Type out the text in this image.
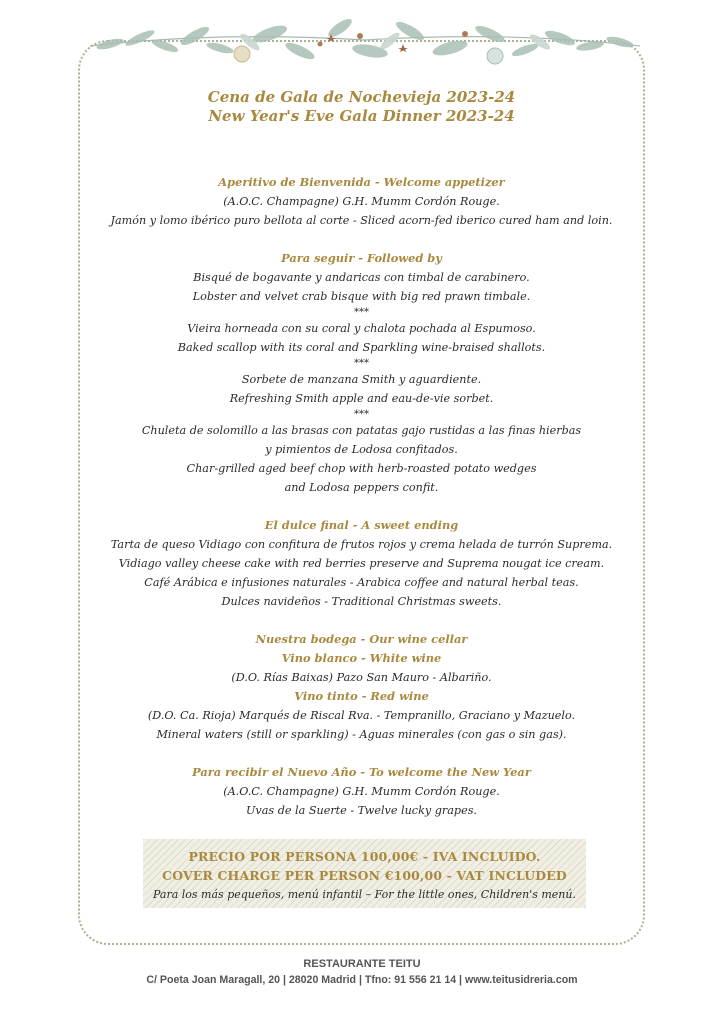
Cena de Gala de Nochevieja 2023-24
New Year's Eve Gala Dinner 2023-24
Aperitivo de Bienvenida - Welcome appetizer
(A.O.C. Champagne) G.H. Mumm Cordón Rouge.
Jamón y lomo ibérico puro bellota al corte - Sliced acorn-fed iberico cured ham and loin.
Para seguir - Followed by
Bisqué de bogavante y andaricas con timbal de carabinero.
Lobster and velvet crab bisque with big red prawn timbale.
***
Vieira horneada con su coral y chalota pochada al Espumoso.
Baked scallop with its coral and Sparkling wine-braised shallots.
***
Sorbete de manzana Smith y aguardiente.
Refreshing Smith apple and eau-de-vie sorbet.
***
Chuleta de solomillo a las brasas con patatas gajo rustidas a las finas hierbas
y pimientos de Lodosa confitados.
Char-grilled aged beef chop with herb-roasted potato wedges
and Lodosa peppers confit.
El dulce final - A sweet ending
Tarta de queso Vidiago con confitura de frutos rojos y crema helada de turrón Suprema.
Vidiago valley cheese cake with red berries preserve and Suprema nougat ice cream.
Café Arábica e infusiones naturales - Arabica coffee and natural herbal teas.
Dulces navideños - Traditional Christmas sweets.
Nuestra bodega - Our wine cellar
Vino blanco - White wine
(D.O. Rías Baixas) Pazo San Mauro - Albariño.
Vino tinto - Red wine
(D.O. Ca. Rioja) Marqués de Riscal Rva. - Tempranillo, Graciano y Mazuelo.
Mineral waters (still or sparkling) - Aguas minerales (con gas o sin gas).
Para recibir el Nuevo Año - To welcome the New Year
(A.O.C. Champagne) G.H. Mumm Cordón Rouge.
Uvas de la Suerte - Twelve lucky grapes.
PRECIO POR PERSONA 100,00€ - IVA INCLUIDO.
COVER CHARGE PER PERSON €100,00 - VAT INCLUDED
Para los más pequeños, menú infantil – For the little ones, Children's menú.
RESTAURANTE TEITU
C/ Poeta Joan Maragall, 20 | 28020 Madrid | Tfno: 91 556 21 14 | www.teitusidreria.com
